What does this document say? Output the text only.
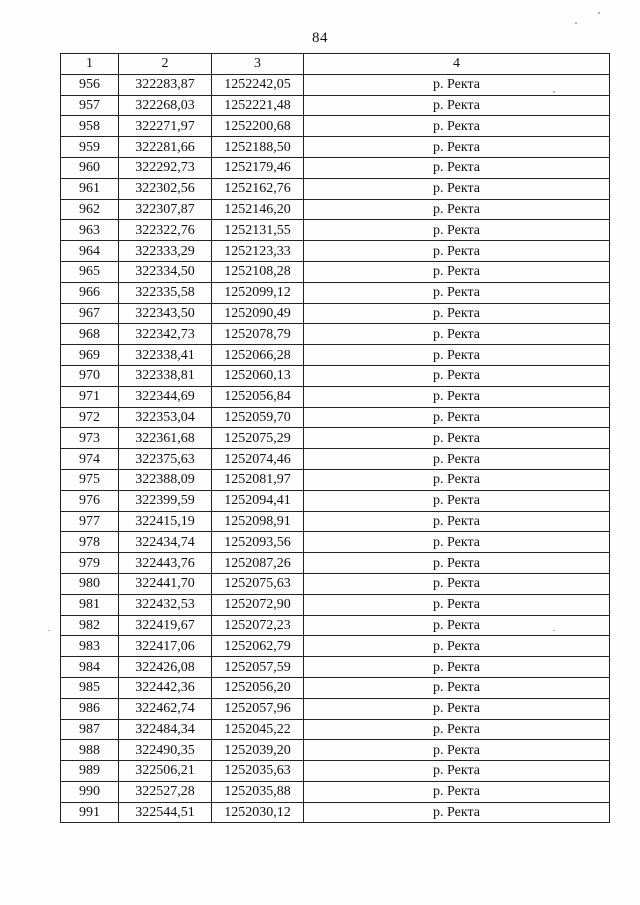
84
1	2	3	4
956	322283,87	1252242,05	р. Ректа
957	322268,03	1252221,48	р. Ректа
958	322271,97	1252200,68	р. Ректа
959	322281,66	1252188,50	р. Ректа
960	322292,73	1252179,46	р. Ректа
961	322302,56	1252162,76	р. Ректа
962	322307,87	1252146,20	р. Ректа
963	322322,76	1252131,55	р. Ректа
964	322333,29	1252123,33	р. Ректа
965	322334,50	1252108,28	р. Ректа
966	322335,58	1252099,12	р. Ректа
967	322343,50	1252090,49	р. Ректа
968	322342,73	1252078,79	р. Ректа
969	322338,41	1252066,28	р. Ректа
970	322338,81	1252060,13	р. Ректа
971	322344,69	1252056,84	р. Ректа
972	322353,04	1252059,70	р. Ректа
973	322361,68	1252075,29	р. Ректа
974	322375,63	1252074,46	р. Ректа
975	322388,09	1252081,97	р. Ректа
976	322399,59	1252094,41	р. Ректа
977	322415,19	1252098,91	р. Ректа
978	322434,74	1252093,56	р. Ректа
979	322443,76	1252087,26	р. Ректа
980	322441,70	1252075,63	р. Ректа
981	322432,53	1252072,90	р. Ректа
982	322419,67	1252072,23	р. Ректа
983	322417,06	1252062,79	р. Ректа
984	322426,08	1252057,59	р. Ректа
985	322442,36	1252056,20	р. Ректа
986	322462,74	1252057,96	р. Ректа
987	322484,34	1252045,22	р. Ректа
988	322490,35	1252039,20	р. Ректа
989	322506,21	1252035,63	р. Ректа
990	322527,28	1252035,88	р. Ректа
991	322544,51	1252030,12	р. Ректа
